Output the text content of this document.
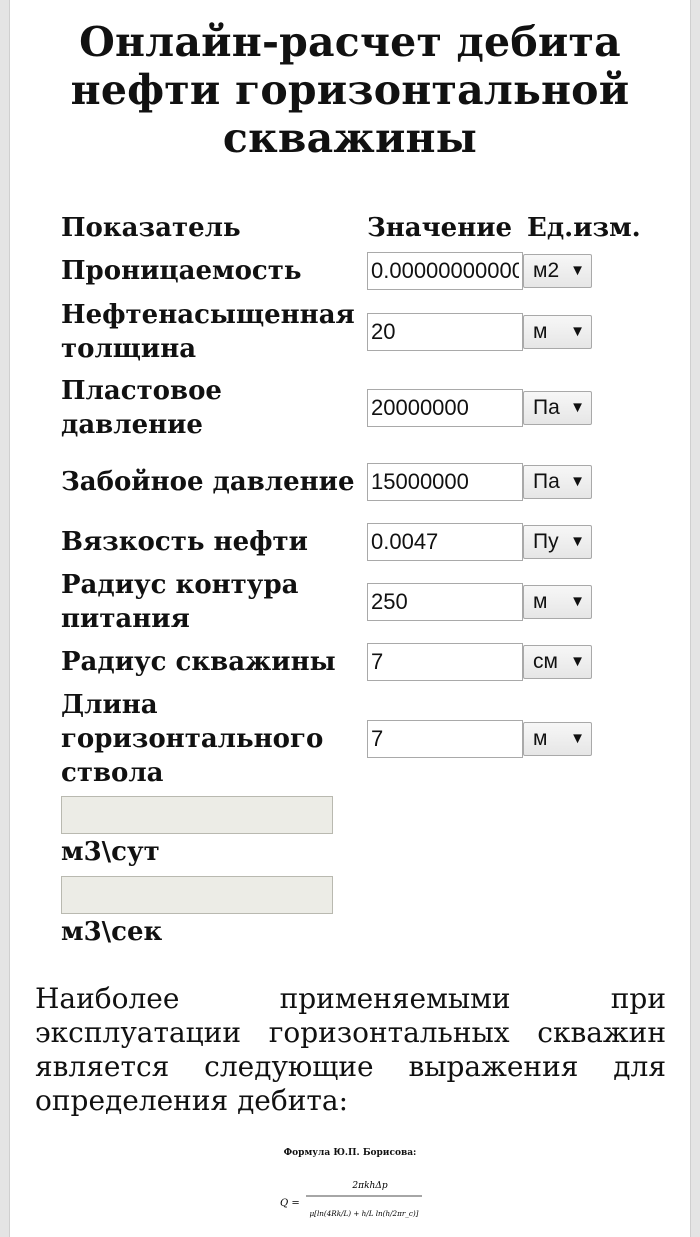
Онлайн-расчет дебита
нефти горизонтальной
скважины
Показатель	Значение	Ед.изм.
Проницаемость	
0.000000000001	м2 ▼

Нефтенасыщенная толщина	
20	м ▼

Пластовое давление	
20000000	Па ▼

Забойное давление	
15000000	Па ▼

Вязкость нефти	
0.0047	Пу ▼

Радиус контура питания	
250	м ▼

Радиус скважины	
7	см ▼

Длина горизонтального ствола	
7	м ▼
м3\сут
м3\сек

Наиболее применяемыми при эксплуатации горизонтальных скважин является следующие выражения для определения дебита:

Формула Ю.П. Борисова:
Q =
2πkhΔp
μ[ln(4Rk/L) + h/L ln(h/2πr_c)]
